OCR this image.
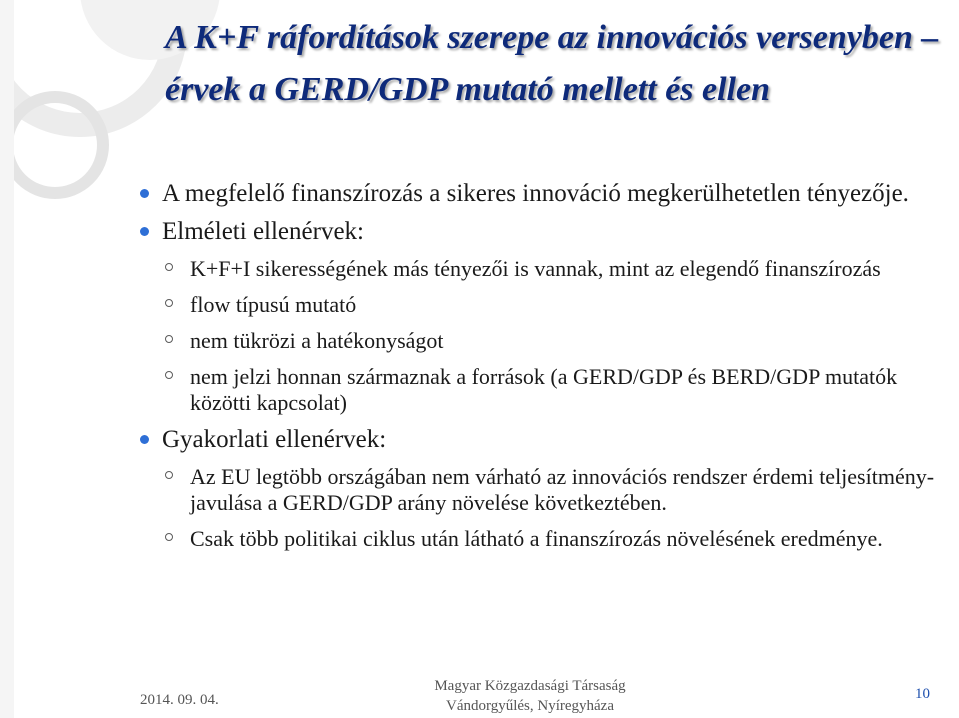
A K+F ráfordítások szerepe az innovációs versenyben – érvek a GERD/GDP mutató mellett és ellen
A megfelelő finanszírozás a sikeres innováció megkerülhetetlen tényezője.
Elméleti ellenérvek:
K+F+I sikerességének más tényezői is vannak, mint az elegendő finanszírozás
flow típusú mutató
nem tükrözi a hatékonyságot
nem jelzi honnan származnak a források (a GERD/GDP és BERD/GDP mutatók közötti kapcsolat)
Gyakorlati ellenérvek:
Az EU legtöbb országában nem várható az innovációs rendszer érdemi teljesítmény-javulása a GERD/GDP arány növelése következtében.
Csak több politikai ciklus után látható a finanszírozás növelésének eredménye.
2014. 09. 04.
Magyar Közgazdasági Társaság
Vándorgyűlés, Nyíregyháza
10
